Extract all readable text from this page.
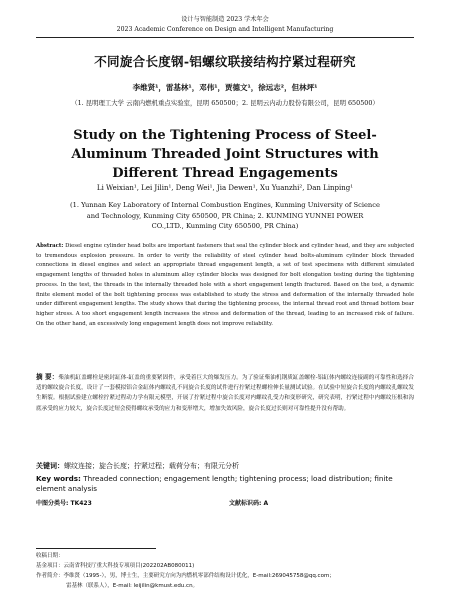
设计与智能制造 2023 学术年会
2023 Academic Conference on Design and Intelligent Manufacturing
不同旋合长度钢-铝螺纹联接结构拧紧过程研究
李维贤¹，雷基林¹，邓伟¹，贾德文¹，徐远志²，但林坪¹
（1. 昆明理工大学 云南内燃机重点实验室，昆明 650500；2. 昆明云内动力股份有限公司，昆明 650500）
Study on the Tightening Process of Steel-Aluminum Threaded Joint Structures with Different Thread Engagements
Li Weixian¹, Lei Jilin¹, Deng Wei¹, Jia Dewen¹, Xu Yuanzhi², Dan Linping¹
(1. Yunnan Key Laboratory of Internal Combustion Engines, Kunming University of Science and Technology, Kunming City 650500, PR China; 2. KUNMING YUNNEI POWER CO.,LTD., Kunming City 650500, PR China)
Abstract: Diesel engine cylinder head bolts are important fasteners that seal the cylinder block and cylinder head, and they are subjected to tremendous explosion pressure. In order to verify the reliability of steel cylinder head bolts-aluminum cylinder block threaded connections in diesel engines and select an appropriate thread engagement length, a set of test specimens with different simulated engagement lengths of threaded holes in aluminum alloy cylinder blocks was designed for bolt elongation testing during the tightening process. In the test, the threads in the internally threaded hole with a short engagement length fractured. Based on the test, a dynamic finite element model of the bolt tightening process was established to study the stress and deformation of the internally threaded hole under different engagement lengths. The study shows that during the tightening process, the internal thread root and thread bottom bear higher stress. A too short engagement length increases the stress and deformation of the thread, leading to an increased risk of failure. On the other hand, an excessively long engagement length does not improve reliability.
摘 要：柴油机缸盖螺栓是密封缸体-缸盖的重要紧固件，承受着巨大的爆发压力。为了验证柴油机钢质缸盖螺栓-铝缸体内螺纹连接副的可靠性和选择合适的螺纹旋合长度，设计了一套模拟铝合金缸体内螺纹孔不同旋合长度的试件进行拧紧过程螺栓伸长量测试试验。在试验中短旋合长度的内螺纹孔螺纹发生断裂。根据试验建立螺栓拧紧过程动力学有限元模型，开展了拧紧过程中旋合长度对内螺纹孔受力和变形研究，研究表明，拧紧过程中内螺纹压根和沟底承受的应力较大，旋合长度过短会使得螺纹承受的应力和变形增大，增加失效风险，旋合长度过长则对可靠性提升没有帮助。
关键词：螺纹连接；旋合长度；拧紧过程；载荷分布；有限元分析
Key words: Threaded connection; engagement length; tightening process; load distribution; finite element analysis
中图分类号: TK423	文献标识码: A
收稿日期：
基金项目：云南省科技厅重大科技专项项目(202202AB080011)
作者简介：李维贤（1995-），男，博士生，主要研究方向为内燃机零部件结构设计优化，E-mail:269045758@qq.com；
雷基林（联系人），E-mail: leijilin@kmust.edu.cn。
